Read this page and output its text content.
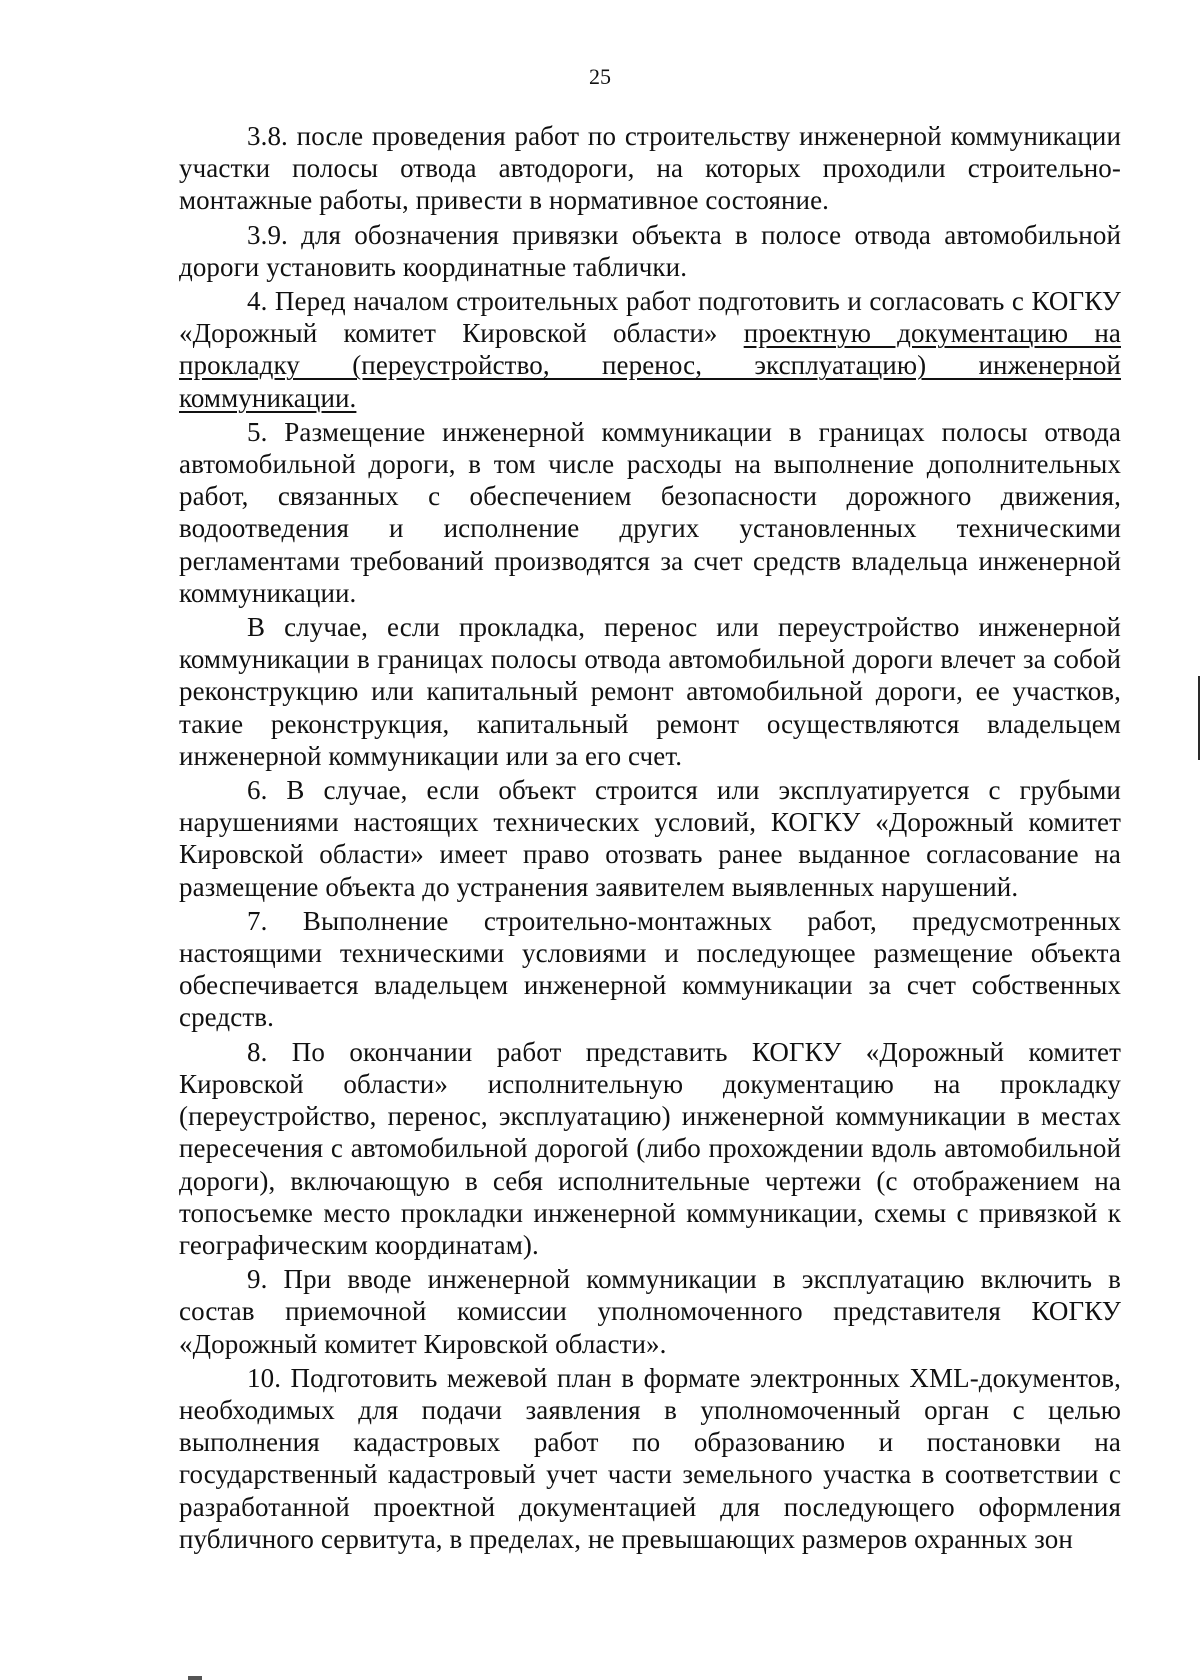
25

3.8. после проведения работ по строительству инженерной коммуникации участки полосы отвода автодороги, на которых проходили строительно-монтажные работы, привести в нормативное состояние.

3.9. для обозначения привязки объекта в полосе отвода автомобильной дороги установить координатные таблички.

4. Перед началом строительных работ подготовить и согласовать с КОГКУ «Дорожный комитет Кировской области» проектную документацию на прокладку (переустройство, перенос, эксплуатацию) инженерной коммуникации.

5. Размещение инженерной коммуникации в границах полосы отвода автомобильной дороги, в том числе расходы на выполнение дополнительных работ, связанных с обеспечением безопасности дорожного движения, водоотведения и исполнение других установленных техническими регламентами требований производятся за счет средств владельца инженерной коммуникации.

В случае, если прокладка, перенос или переустройство инженерной коммуникации в границах полосы отвода автомобильной дороги влечет за собой реконструкцию или капитальный ремонт автомобильной дороги, ее участков, такие реконструкция, капитальный ремонт осуществляются владельцем инженерной коммуникации или за его счет.

6. В случае, если объект строится или эксплуатируется с грубыми нарушениями настоящих технических условий, КОГКУ «Дорожный комитет Кировской области» имеет право отозвать ранее выданное согласование на размещение объекта до устранения заявителем выявленных нарушений.

7. Выполнение строительно-монтажных работ, предусмотренных настоящими техническими условиями и последующее размещение объекта обеспечивается владельцем инженерной коммуникации за счет собственных средств.

8. По окончании работ представить КОГКУ «Дорожный комитет Кировской области» исполнительную документацию на прокладку (переустройство, перенос, эксплуатацию) инженерной коммуникации в местах пересечения с автомобильной дорогой (либо прохождении вдоль автомобильной дороги), включающую в себя исполнительные чертежи (с отображением на топосъемке место прокладки инженерной коммуникации, схемы с привязкой к географическим координатам).

9. При вводе инженерной коммуникации в эксплуатацию включить в состав приемочной комиссии уполномоченного представителя КОГКУ «Дорожный комитет Кировской области».

10. Подготовить межевой план в формате электронных XML-документов, необходимых для подачи заявления в уполномоченный орган с целью выполнения кадастровых работ по образованию и постановки на государственный кадастровый учет части земельного участка в соответствии с разработанной проектной документацией для последующего оформления публичного сервитута, в пределах, не превышающих размеров охранных зон
